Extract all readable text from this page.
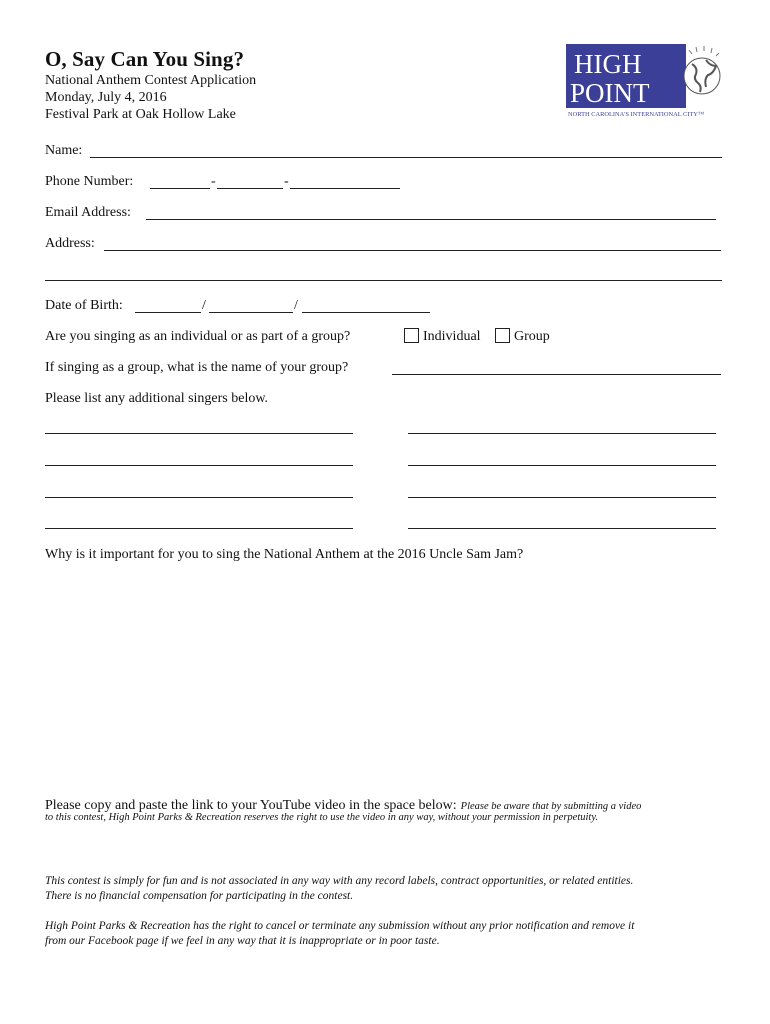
O, Say Can You Sing?
National Anthem Contest Application
Monday, July 4, 2016
Festival Park at Oak Hollow Lake
HIGH
POINT
NORTH CAROLINA'S INTERNATIONAL CITY™
Name:
Phone Number:	-	-
Email Address:
Address:
Date of Birth:	/	/
Are you singing as an individual or as part of a group?	Individual Group
If singing as a group, what is the name of your group?
Please list any additional singers below.
Why is it important for you to sing the National Anthem at the 2016 Uncle Sam Jam?
Please copy and paste the link to your YouTube video in the space below: Please be aware that by submitting a video
to this contest, High Point Parks & Recreation reserves the right to use the video in any way, without your permission in perpetuity.
This contest is simply for fun and is not associated in any way with any record labels, contract opportunities, or related entities.
There is no financial compensation for participating in the contest.
High Point Parks & Recreation has the right to cancel or terminate any submission without any prior notification and remove it
from our Facebook page if we feel in any way that it is inappropriate or in poor taste.
